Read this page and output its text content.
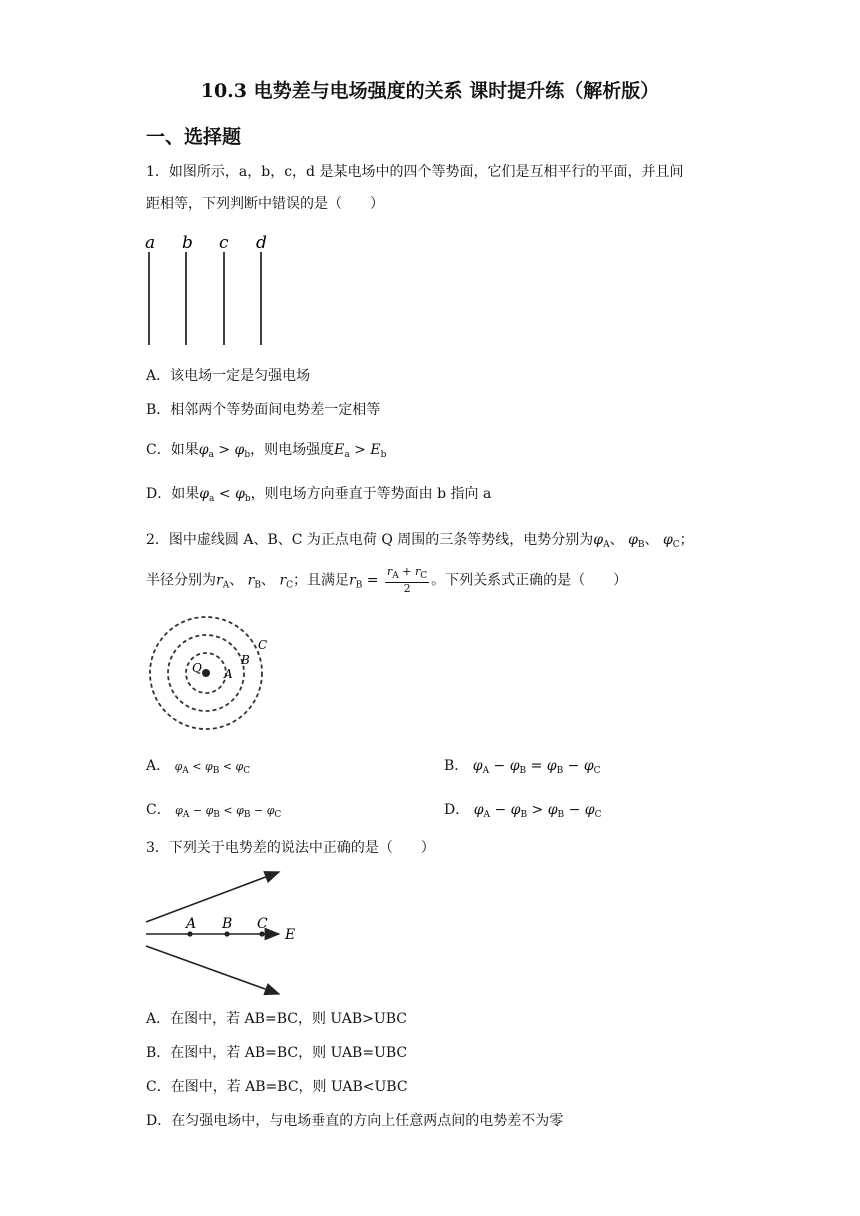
10.3 电势差与电场强度的关系 课时提升练（解析版）
一、选择题
1．如图所示，a，b，c，d 是某电场中的四个等势面，它们是互相平行的平面，并且间
距相等，下列判断中错误的是（　　）
a b c d
A．该电场一定是匀强电场
B．相邻两个等势面间电势差一定相等
C．如果$\varphi_a > \varphi_b$，则电场强度$E_a > E_b$
D．如果$\varphi_a < \varphi_b$，则电场方向垂直于等势面由 b 指向 a
2．图中虚线圆 A、B、C 为正点电荷 Q 周围的三条等势线，电势分别为$\varphi_A$、 $\varphi_B$、 $\varphi_C$；
半径分别为$r_A$、 $r_B$、 $r_C$；且满足$r_B = \frac{r_A + r_C}{2}$ 。下列关系式正确的是（　　）
Q A
B
C
A． $\varphi_A < \varphi_B < \varphi_C$	B． $\varphi_A - \varphi_B = \varphi_B - \varphi_C$
C． $\varphi_A - \varphi_B < \varphi_B - \varphi_C$	D． $\varphi_A - \varphi_B > \varphi_B - \varphi_C$
3．下列关于电势差的说法中正确的是（　　）
A B C
E
A．在图中，若 AB=BC，则 UAB>UBC
B．在图中，若 AB=BC，则 UAB=UBC
C．在图中，若 AB=BC，则 UAB<UBC
D．在匀强电场中，与电场垂直的方向上任意两点间的电势差不为零
